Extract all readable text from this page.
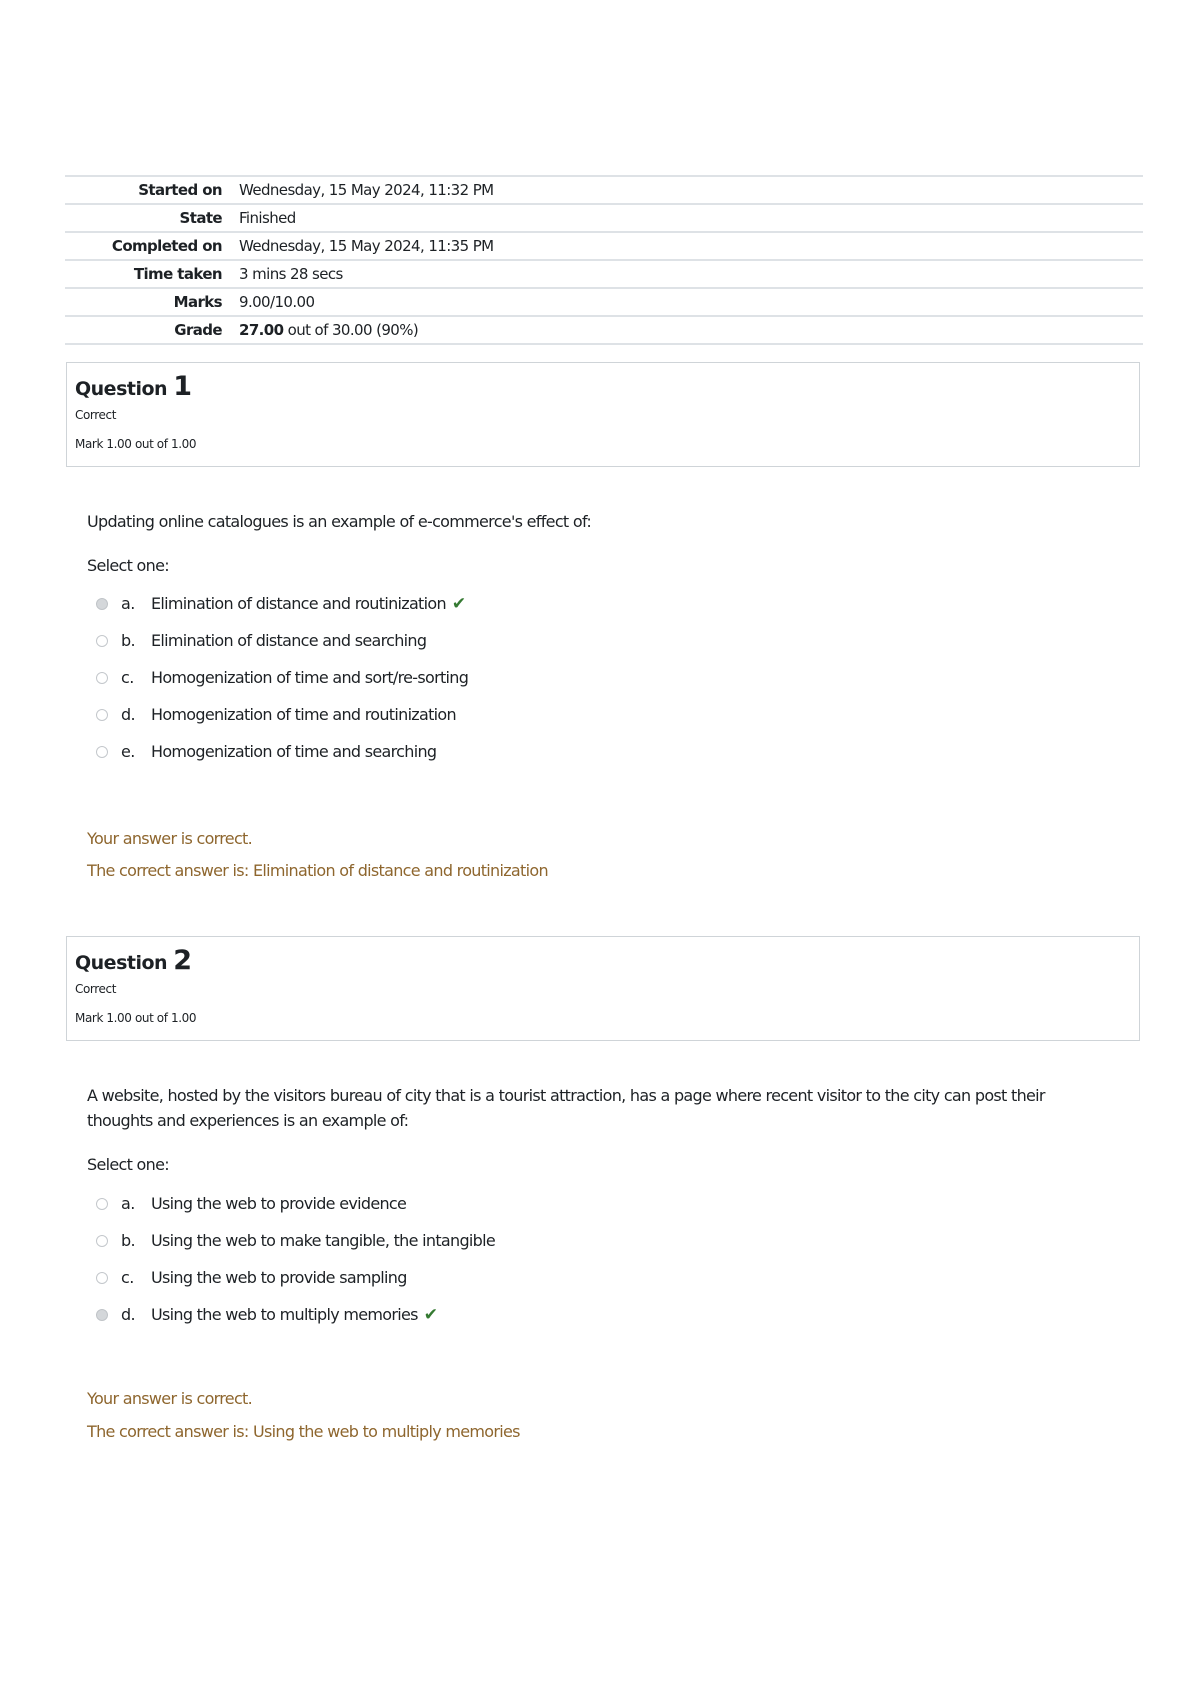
Started on	Wednesday, 15 May 2024, 11:32 PM
State	Finished
Completed on	Wednesday, 15 May 2024, 11:35 PM
Time taken	3 mins 28 secs
Marks	9.00/10.00
Grade	27.00 out of 30.00 (90%)
Question 1
Correct
Mark 1.00 out of 1.00
Updating online catalogues is an example of e-commerce's effect of:
Select one:
a.	Elimination of distance and routinization ✔
b. Elimination of distance and searching
c.	Homogenization of time and sort/re-sorting
d. Homogenization of time and routinization
e.	Homogenization of time and searching
Your answer is correct.
The correct answer is: Elimination of distance and routinization
Question 2
Correct
Mark 1.00 out of 1.00
A website, hosted by the visitors bureau of city that is a tourist attraction, has a page where recent visitor to the city can post their thoughts and experiences is an example of:
Select one:
a.	Using the web to provide evidence
b. Using the web to make tangible, the intangible
c.	Using the web to provide sampling
d. Using the web to multiply memories ✔
Your answer is correct.
The correct answer is: Using the web to multiply memories
